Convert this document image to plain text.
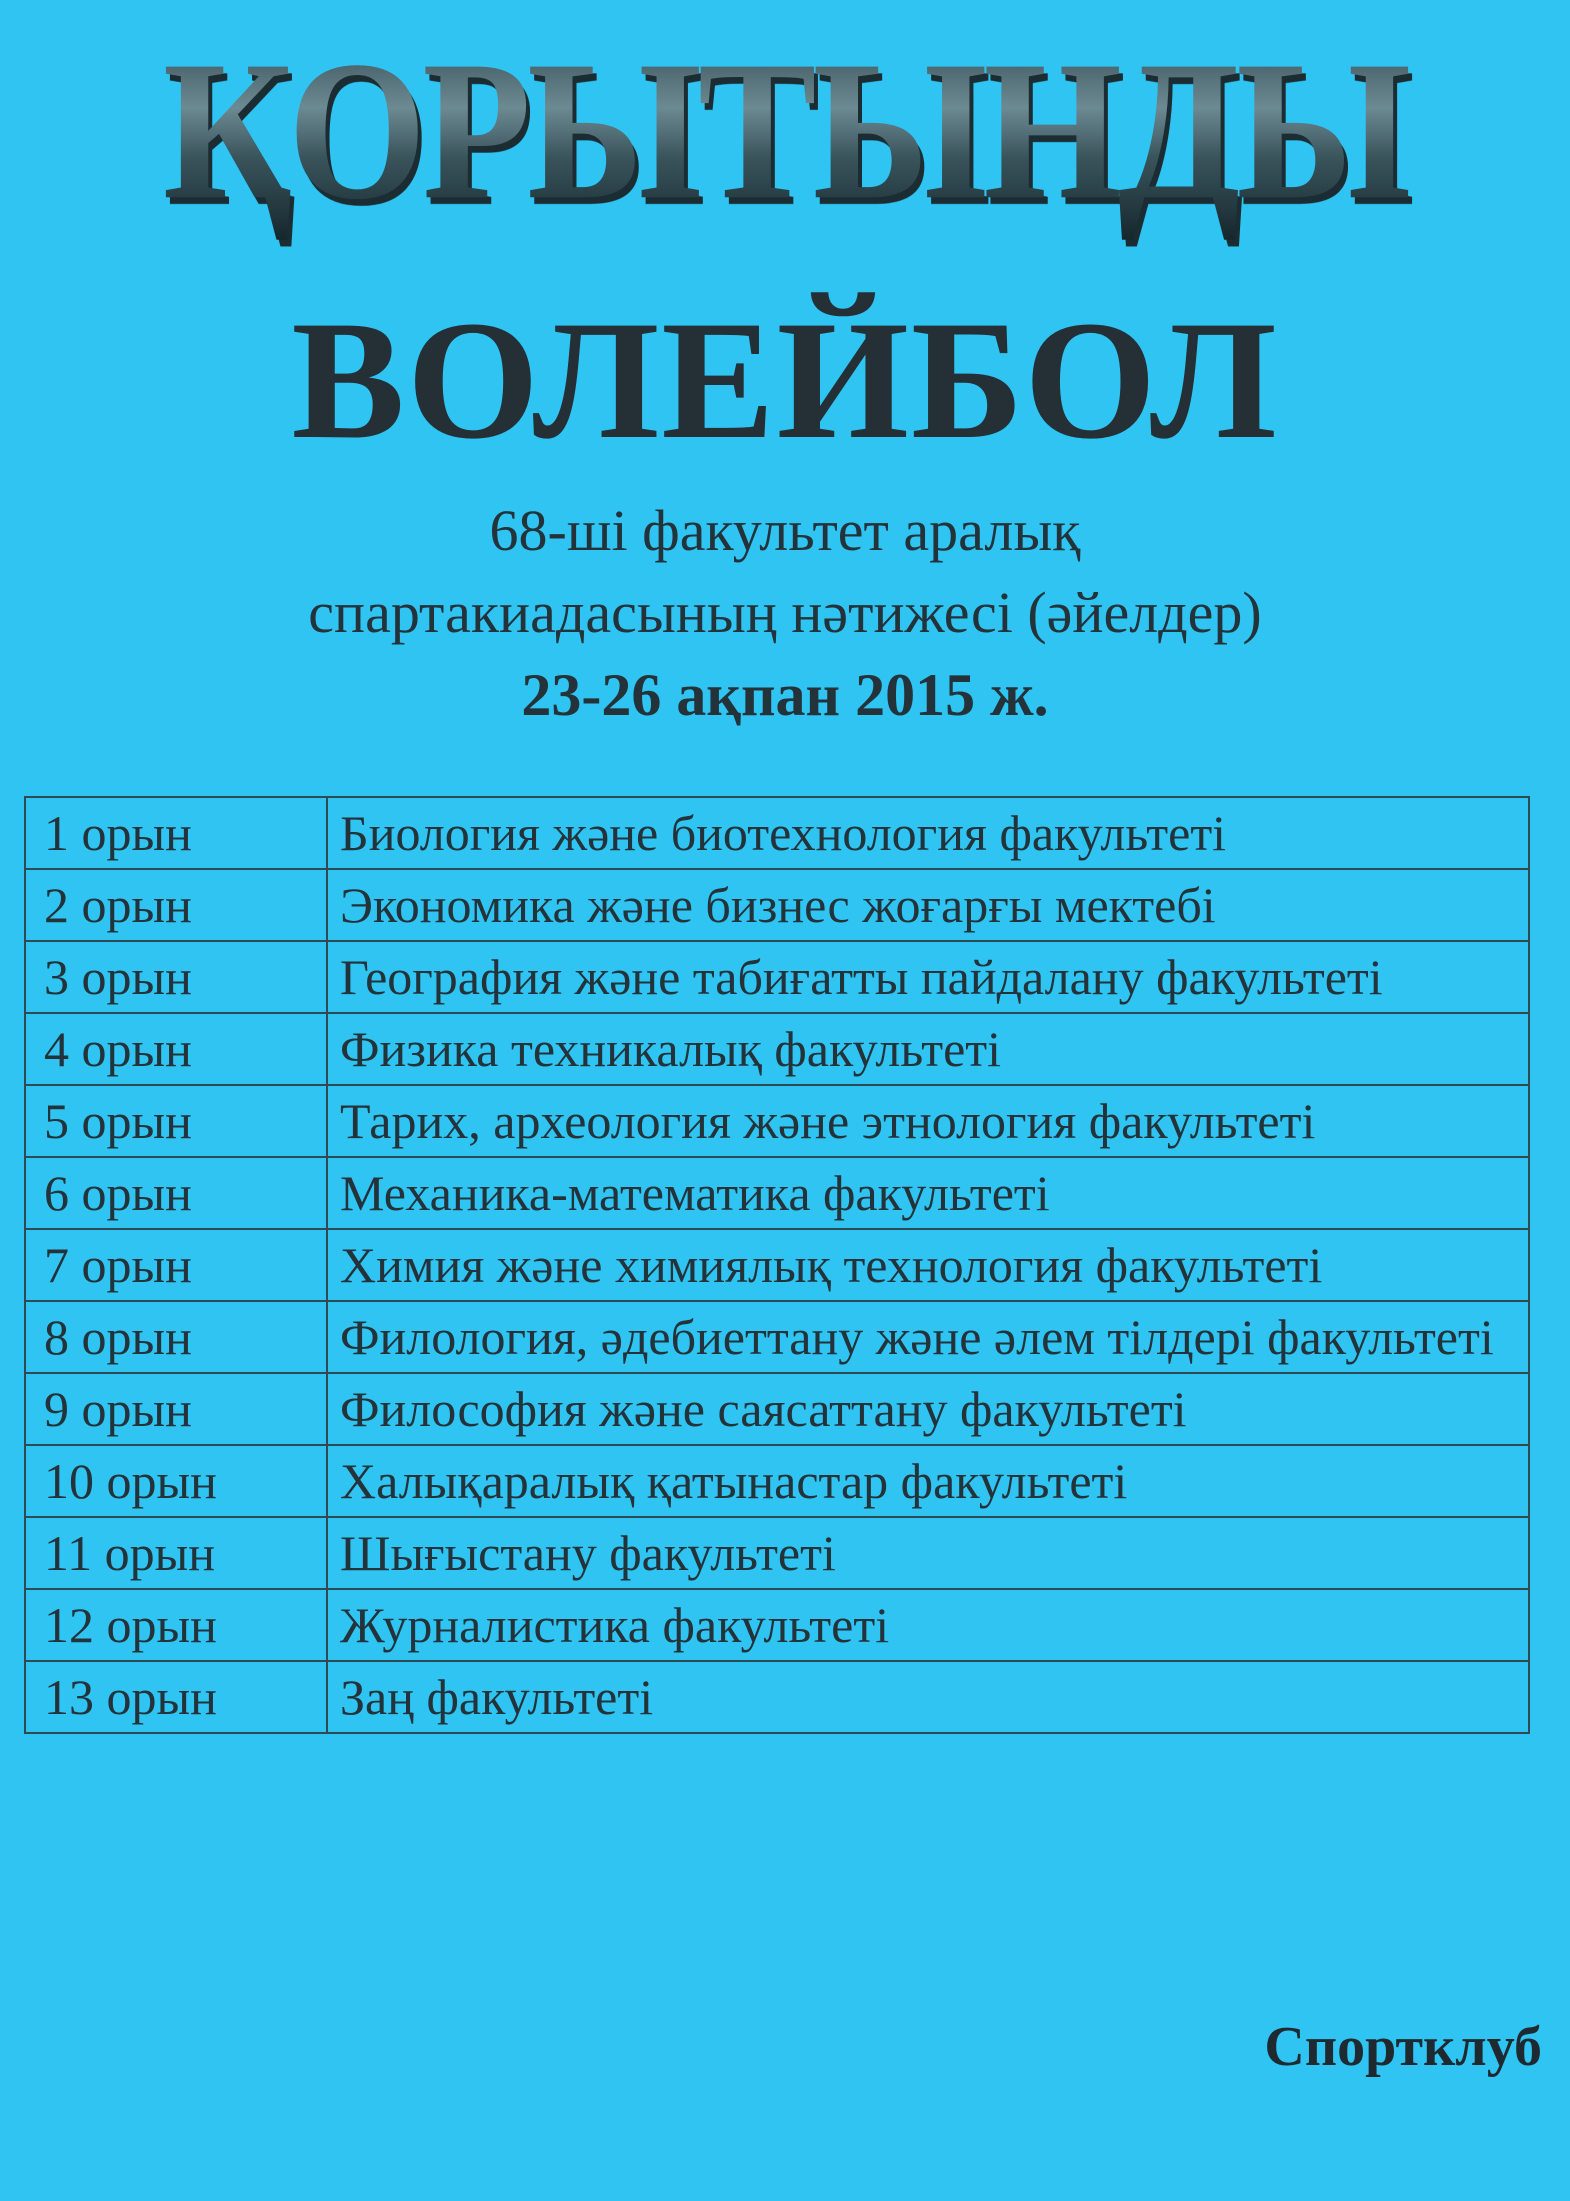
ҚОРЫТЫНДЫ
ВОЛЕЙБОЛ
68-ші факультет аралық
спартакиадасының нәтижесі (әйелдер)
23-26 ақпан 2015 ж.
1 орын	Биология және биотехнология факультеті
2 орын	Экономика және бизнес жоғарғы мектебі
3 орын	География және табиғатты пайдалану факультеті
4 орын	Физика техникалық факультеті
5 орын	Тарих, археология және этнология факультеті
6 орын	Механика-математика факультеті
7 орын	Химия және химиялық технология факультеті
8 орын	Филология, әдебиеттану және әлем тілдері факультеті
9 орын	Философия және саясаттану факультеті
10 орын	Халықаралық қатынастар факультеті
11 орын	Шығыстану факультеті
12 орын	Журналистика факультеті
13 орын	Заң факультеті
Спортклуб
